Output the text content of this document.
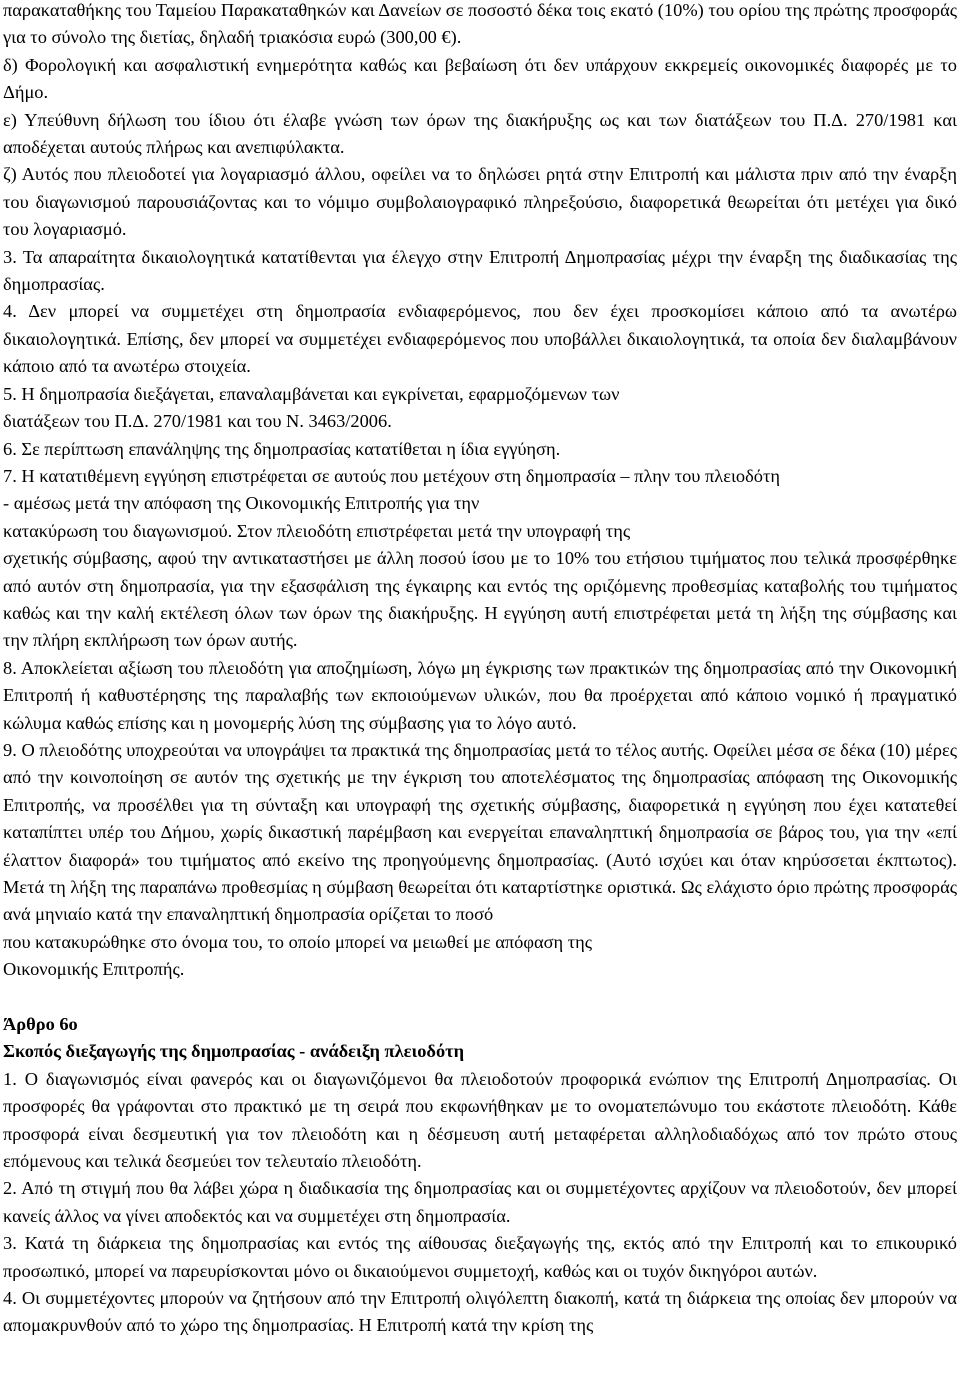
παρακαταθήκης του Ταμείου Παρακαταθηκών και Δανείων σε ποσοστό δέκα τοις εκατό (10%) του ορίου της πρώτης προσφοράς για το σύνολο της διετίας, δηλαδή τριακόσια ευρώ (300,00 €).

δ) Φορολογική και ασφαλιστική ενημερότητα καθώς και βεβαίωση ότι δεν υπάρχουν εκκρεμείς οικονομικές διαφορές με το Δήμο.

ε) Υπεύθυνη δήλωση του ίδιου ότι έλαβε γνώση των όρων της διακήρυξης ως και των διατάξεων του Π.Δ. 270/1981 και αποδέχεται αυτούς πλήρως και ανεπιφύλακτα.

ζ) Αυτός που πλειοδοτεί για λογαριασμό άλλου, οφείλει να το δηλώσει ρητά στην Επιτροπή και μάλιστα πριν από την έναρξη του διαγωνισμού παρουσιάζοντας και το νόμιμο συμβολαιογραφικό πληρεξούσιο, διαφορετικά θεωρείται ότι μετέχει για δικό του λογαριασμό.

3. Τα απαραίτητα δικαιολογητικά κατατίθενται για έλεγχο στην Επιτροπή Δημοπρασίας μέχρι την έναρξη της διαδικασίας της δημοπρασίας.

4. Δεν μπορεί να συμμετέχει στη δημοπρασία ενδιαφερόμενος, που δεν έχει προσκομίσει κάποιο από τα ανωτέρω δικαιολογητικά. Επίσης, δεν μπορεί να συμμετέχει ενδιαφερόμενος που υποβάλλει δικαιολογητικά, τα οποία δεν διαλαμβάνουν κάποιο από τα ανωτέρω στοιχεία.

5. Η δημοπρασία διεξάγεται, επαναλαμβάνεται και εγκρίνεται, εφαρμοζόμενων των
διατάξεων του Π.Δ. 270/1981 και του Ν. 3463/2006.

6. Σε περίπτωση επανάληψης της δημοπρασίας κατατίθεται η ίδια εγγύηση.

7. Η κατατιθέμενη εγγύηση επιστρέφεται σε αυτούς που μετέχουν στη δημοπρασία – πλην του πλειοδότη
- αμέσως μετά την απόφαση της Οικονομικής Επιτροπής για την
κατακύρωση του διαγωνισμού. Στον πλειοδότη επιστρέφεται μετά την υπογραφή της

σχετικής σύμβασης, αφού την αντικαταστήσει με άλλη ποσού ίσου με το 10% του ετήσιου τιμήματος που τελικά προσφέρθηκε από αυτόν στη δημοπρασία, για την εξασφάλιση της έγκαιρης και εντός της οριζόμενης προθεσμίας καταβολής του τιμήματος καθώς και την καλή εκτέλεση όλων των όρων της διακήρυξης. Η εγγύηση αυτή επιστρέφεται μετά τη λήξη της σύμβασης και την πλήρη εκπλήρωση των όρων αυτής.

8. Αποκλείεται αξίωση του πλειοδότη για αποζημίωση, λόγω μη έγκρισης των πρακτικών της δημοπρασίας από την Οικονομική Επιτροπή ή καθυστέρησης της παραλαβής των εκποιούμενων υλικών, που θα προέρχεται από κάποιο νομικό ή πραγματικό κώλυμα καθώς επίσης και η μονομερής λύση της σύμβασης για το λόγο αυτό.

9. Ο πλειοδότης υποχρεούται να υπογράψει τα πρακτικά της δημοπρασίας μετά το τέλος αυτής. Οφείλει μέσα σε δέκα (10) μέρες από την κοινοποίηση σε αυτόν της σχετικής με την έγκριση του αποτελέσματος της δημοπρασίας απόφαση της Οικονομικής Επιτροπής, να προσέλθει για τη σύνταξη και υπογραφή της σχετικής σύμβασης, διαφορετικά η εγγύηση που έχει κατατεθεί καταπίπτει υπέρ του Δήμου, χωρίς δικαστική παρέμβαση και ενεργείται επαναληπτική δημοπρασία σε βάρος του, για την «επί έλαττον διαφορά» του τιμήματος από εκείνο της προηγούμενης δημοπρασίας. (Αυτό ισχύει και όταν κηρύσσεται έκπτωτος). Μετά τη λήξη της παραπάνω προθεσμίας η σύμβαση θεωρείται ότι καταρτίστηκε οριστικά. Ως ελάχιστο όριο πρώτης προσφοράς ανά μηνιαίο κατά την επαναληπτική δημοπρασία ορίζεται το ποσό

που κατακυρώθηκε στο όνομα του, το οποίο μπορεί να μειωθεί με απόφαση της
Οικονομικής Επιτροπής.

Άρθρο 6ο

Σκοπός διεξαγωγής της δημοπρασίας - ανάδειξη πλειοδότη

1. Ο διαγωνισμός είναι φανερός και οι διαγωνιζόμενοι θα πλειοδοτούν προφορικά ενώπιον της Επιτροπή Δημοπρασίας. Οι προσφορές θα γράφονται στο πρακτικό με τη σειρά που εκφωνήθηκαν με το ονοματεπώνυμο του εκάστοτε πλειοδότη. Κάθε προσφορά είναι δεσμευτική για τον πλειοδότη και η δέσμευση αυτή μεταφέρεται αλληλοδιαδόχως από τον πρώτο στους επόμενους και τελικά δεσμεύει τον τελευταίο πλειοδότη.

2. Από τη στιγμή που θα λάβει χώρα η διαδικασία της δημοπρασίας και οι συμμετέχοντες αρχίζουν να πλειοδοτούν, δεν μπορεί κανείς άλλος να γίνει αποδεκτός και να συμμετέχει στη δημοπρασία.

3. Κατά τη διάρκεια της δημοπρασίας και εντός της αίθουσας διεξαγωγής της, εκτός από την Επιτροπή και το επικουρικό προσωπικό, μπορεί να παρευρίσκονται μόνο οι δικαιούμενοι συμμετοχή, καθώς και οι τυχόν δικηγόροι αυτών.

4. Οι συμμετέχοντες μπορούν να ζητήσουν από την Επιτροπή ολιγόλεπτη διακοπή, κατά τη διάρκεια της οποίας δεν μπορούν να απομακρυνθούν από το χώρο της δημοπρασίας. Η Επιτροπή κατά την κρίση της
